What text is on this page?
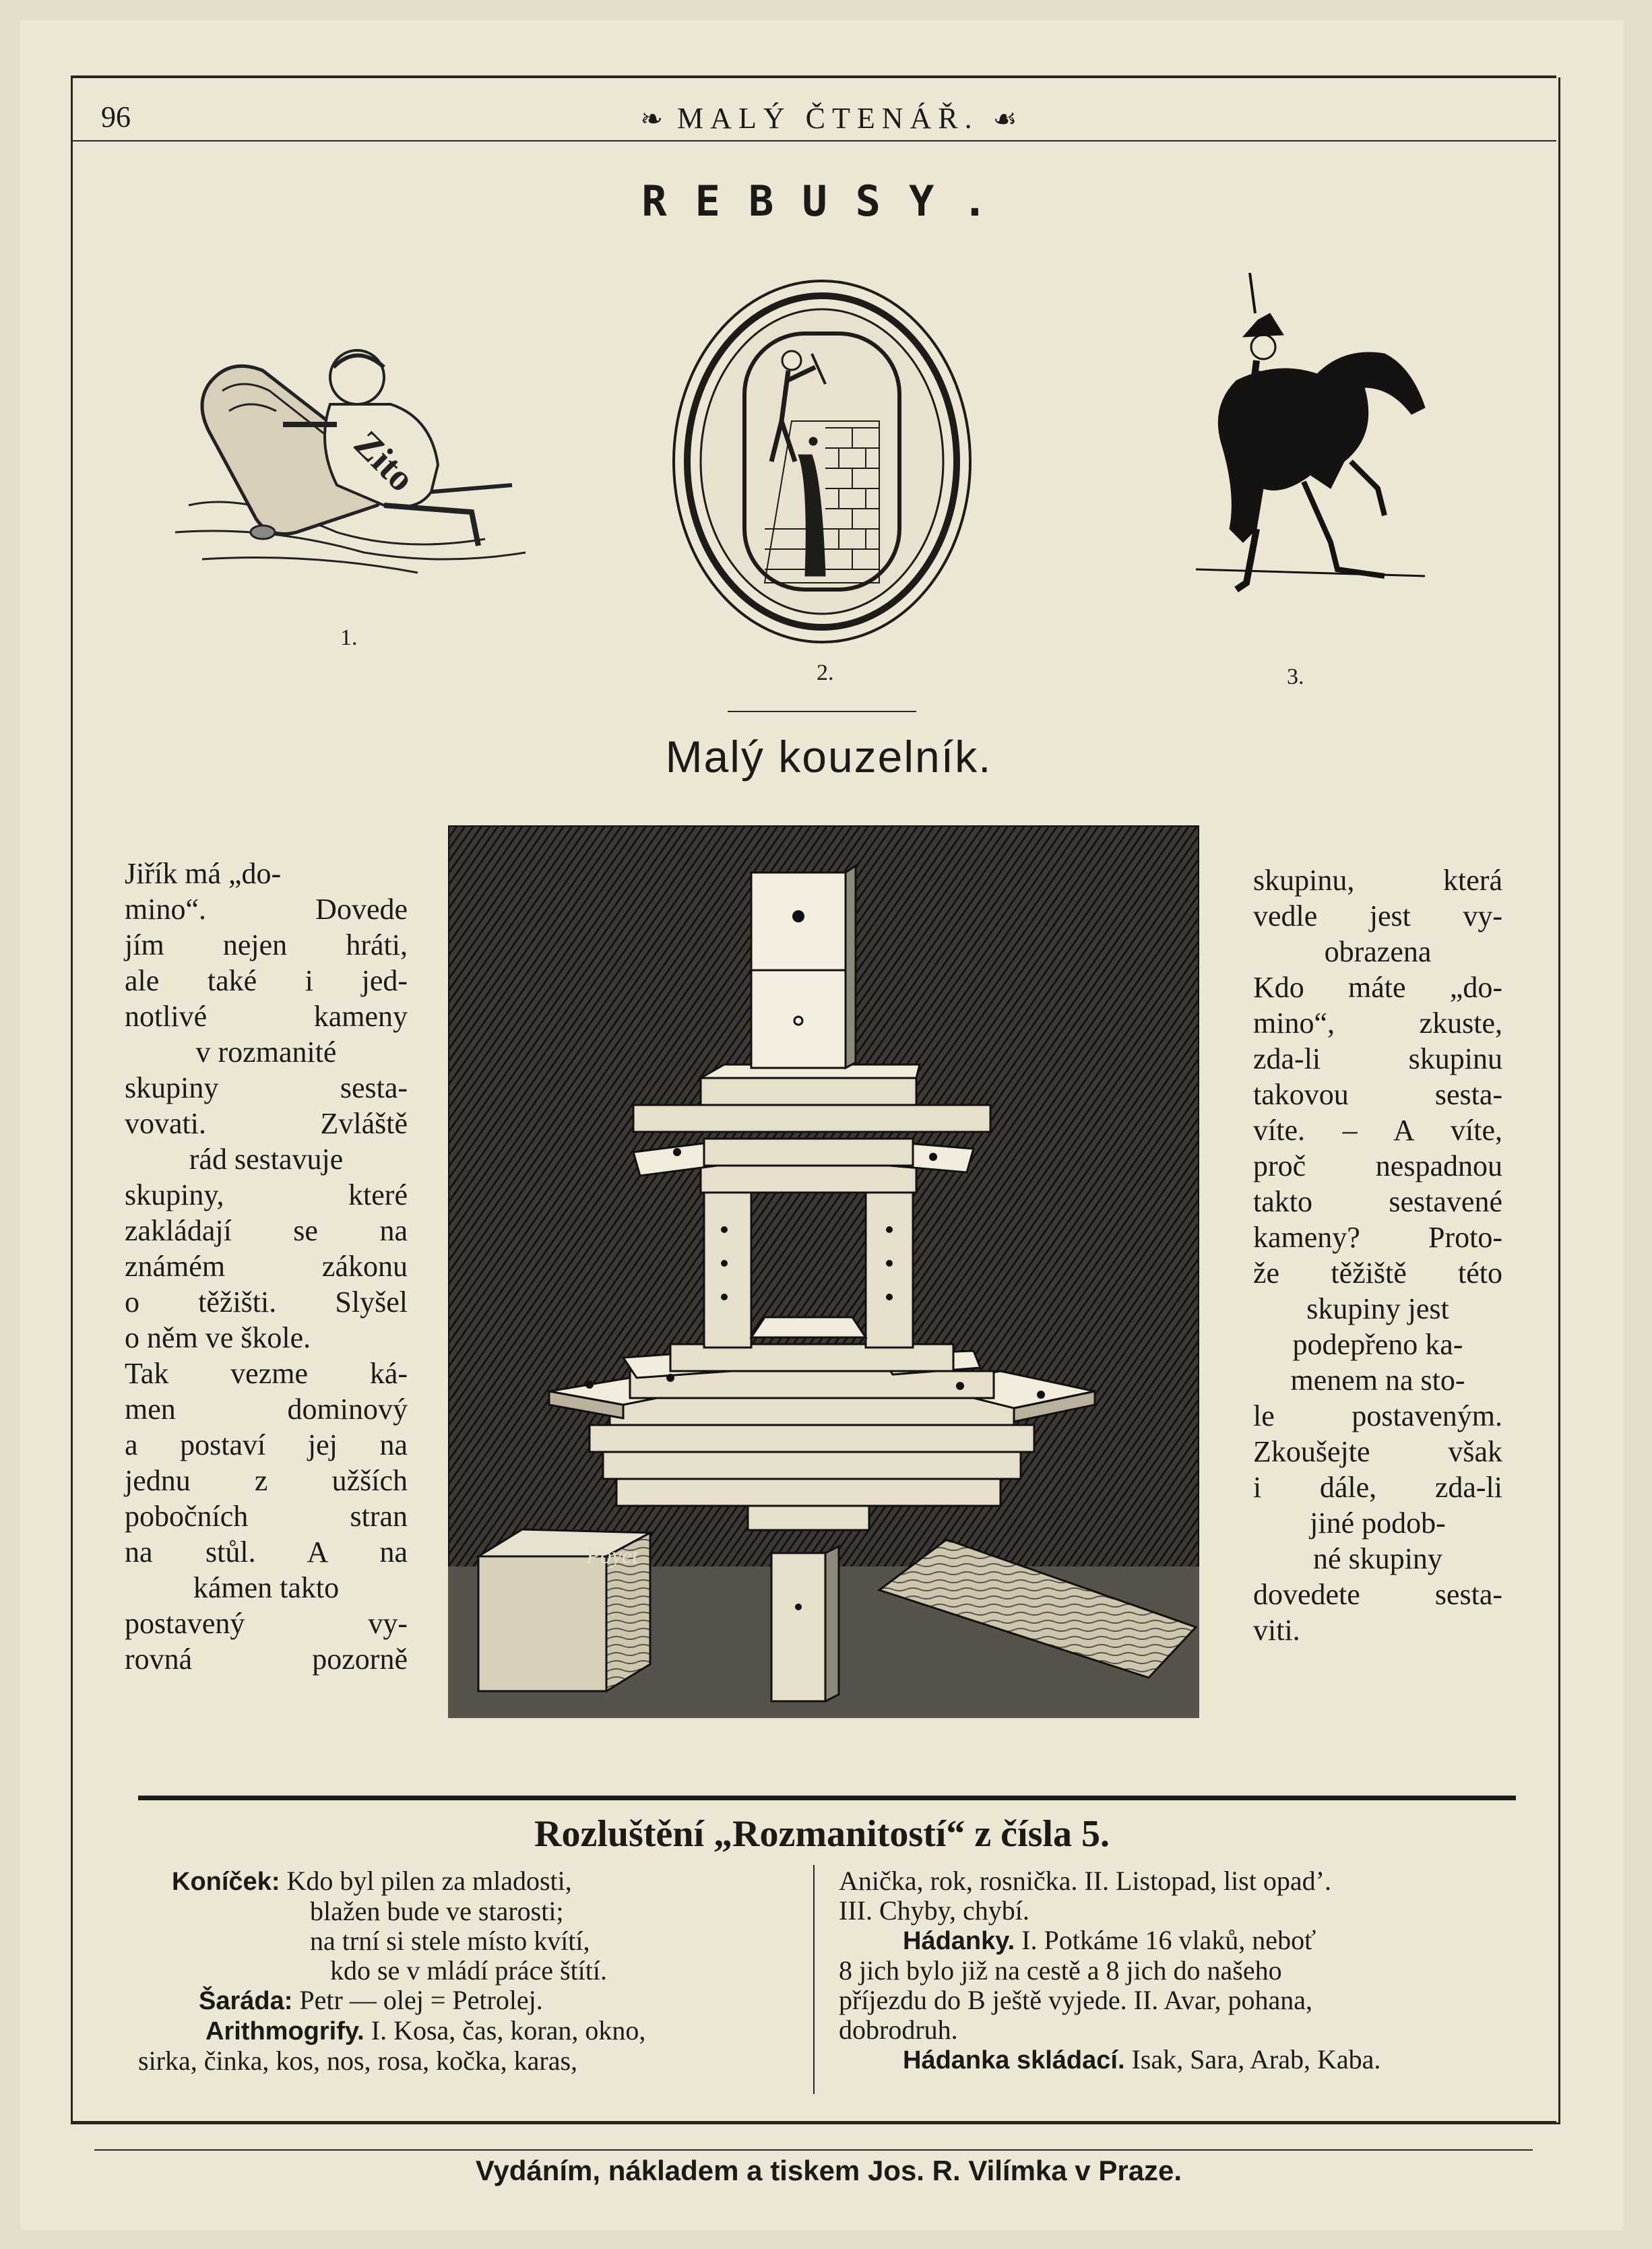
96	❧ MALÝ ČTENÁŘ. ☙
REBUSY.
Zito
1.
2.	3.
Malý kouzelník.
Jiřík má „do-
mino“. Dovede
jím nejen hráti,
ale také i jed-
notlivé kameny
v rozmanité
skupiny sesta-
vovati. Zvláště
rád sestavuje
skupiny, které
zakládají se na
známém zákonu
o těžišti. Slyšel
o něm ve škole.
Tak vezme ká-
men dominový
a postaví jej na
jednu z užších
pobočních stran
na stůl. A na
kámen takto
postavený vy-
rovná pozorně
Poyet
skupinu, která
vedle jest vy-
obrazena
Kdo máte „do-
mino“, zkuste,
zda-li skupinu
takovou sesta-
víte. – A víte,
proč nespadnou
takto sestavené
kameny? Proto-
že těžiště této
skupiny jest
podepřeno ka-
menem na sto-
le postaveným.
Zkoušejte však
i dále, zda-li
jiné podob-
né skupiny
dovedete sesta-
viti.
Rozluštění „Rozmanitostí“ z čísla 5.
Koníček: Kdo byl pilen za mladosti,
blažen bude ve starosti;
na trní si stele místo kvítí,
kdo se v mládí práce štítí.
Šaráda: Petr — olej = Petrolej.
Arithmogrify. I. Kosa, čas, koran, okno,
sirka, činka, kos, nos, rosa, kočka, karas,
Anička, rok, rosnička. II. Listopad, list opad’.
III. Chyby, chybí.
Hádanky. I. Potkáme 16 vlaků, neboť
8 jich bylo již na cestě a 8 jich do našeho
příjezdu do B ještě vyjede. II. Avar, pohana,
dobrodruh.
Hádanka skládací. Isak, Sara, Arab, Kaba.
Vydáním, nákladem a tiskem Jos. R. Vilímka v Praze.
